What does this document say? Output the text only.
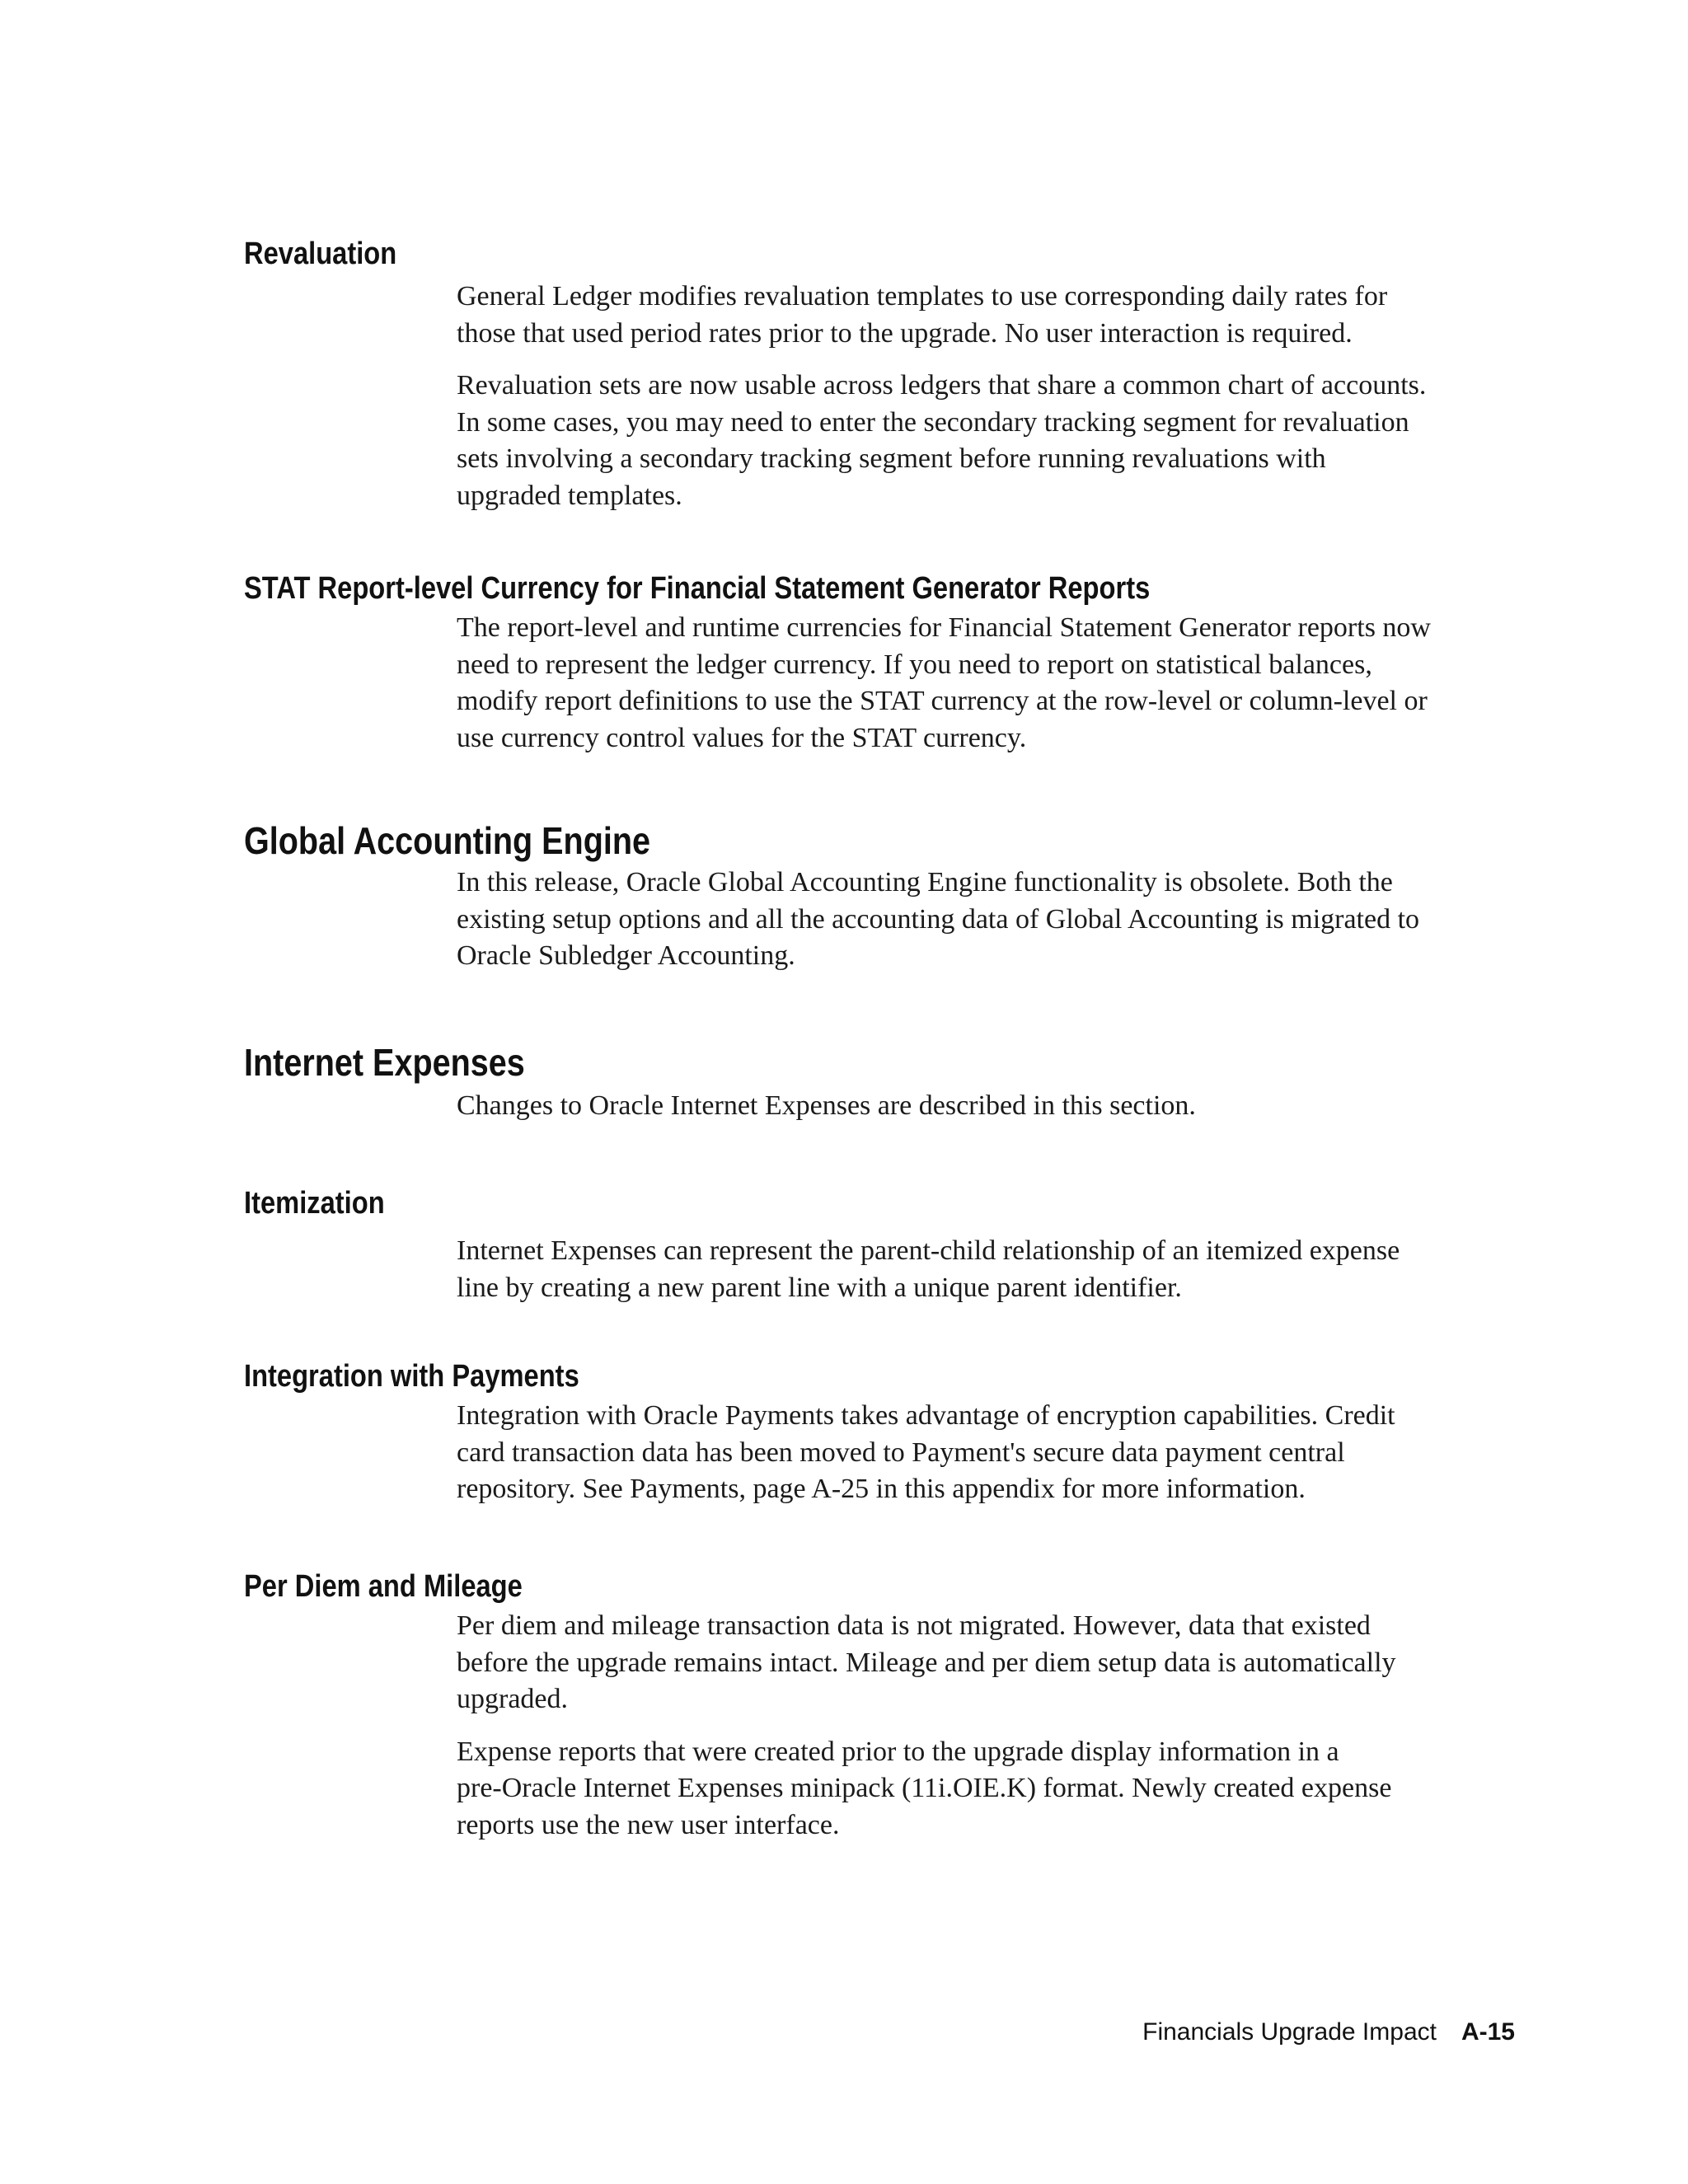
Revaluation
General Ledger modifies revaluation templates to use corresponding daily rates for
those that used period rates prior to the upgrade. No user interaction is required.
Revaluation sets are now usable across ledgers that share a common chart of accounts.
In some cases, you may need to enter the secondary tracking segment for revaluation
sets involving a secondary tracking segment before running revaluations with
upgraded templates.
STAT Report-level Currency for Financial Statement Generator Reports
The report-level and runtime currencies for Financial Statement Generator reports now
need to represent the ledger currency. If you need to report on statistical balances,
modify report definitions to use the STAT currency at the row-level or column-level or
use currency control values for the STAT currency.
Global Accounting Engine
In this release, Oracle Global Accounting Engine functionality is obsolete. Both the
existing setup options and all the accounting data of Global Accounting is migrated to
Oracle Subledger Accounting.
Internet Expenses
Changes to Oracle Internet Expenses are described in this section.
Itemization
Internet Expenses can represent the parent-child relationship of an itemized expense
line by creating a new parent line with a unique parent identifier.
Integration with Payments
Integration with Oracle Payments takes advantage of encryption capabilities. Credit
card transaction data has been moved to Payment's secure data payment central
repository. See Payments, page A-25 in this appendix for more information.
Per Diem and Mileage
Per diem and mileage transaction data is not migrated. However, data that existed
before the upgrade remains intact. Mileage and per diem setup data is automatically
upgraded.
Expense reports that were created prior to the upgrade display information in a
pre-Oracle Internet Expenses minipack (11i.OIE.K) format. Newly created expense
reports use the new user interface.
Financials Upgrade Impact A-15
